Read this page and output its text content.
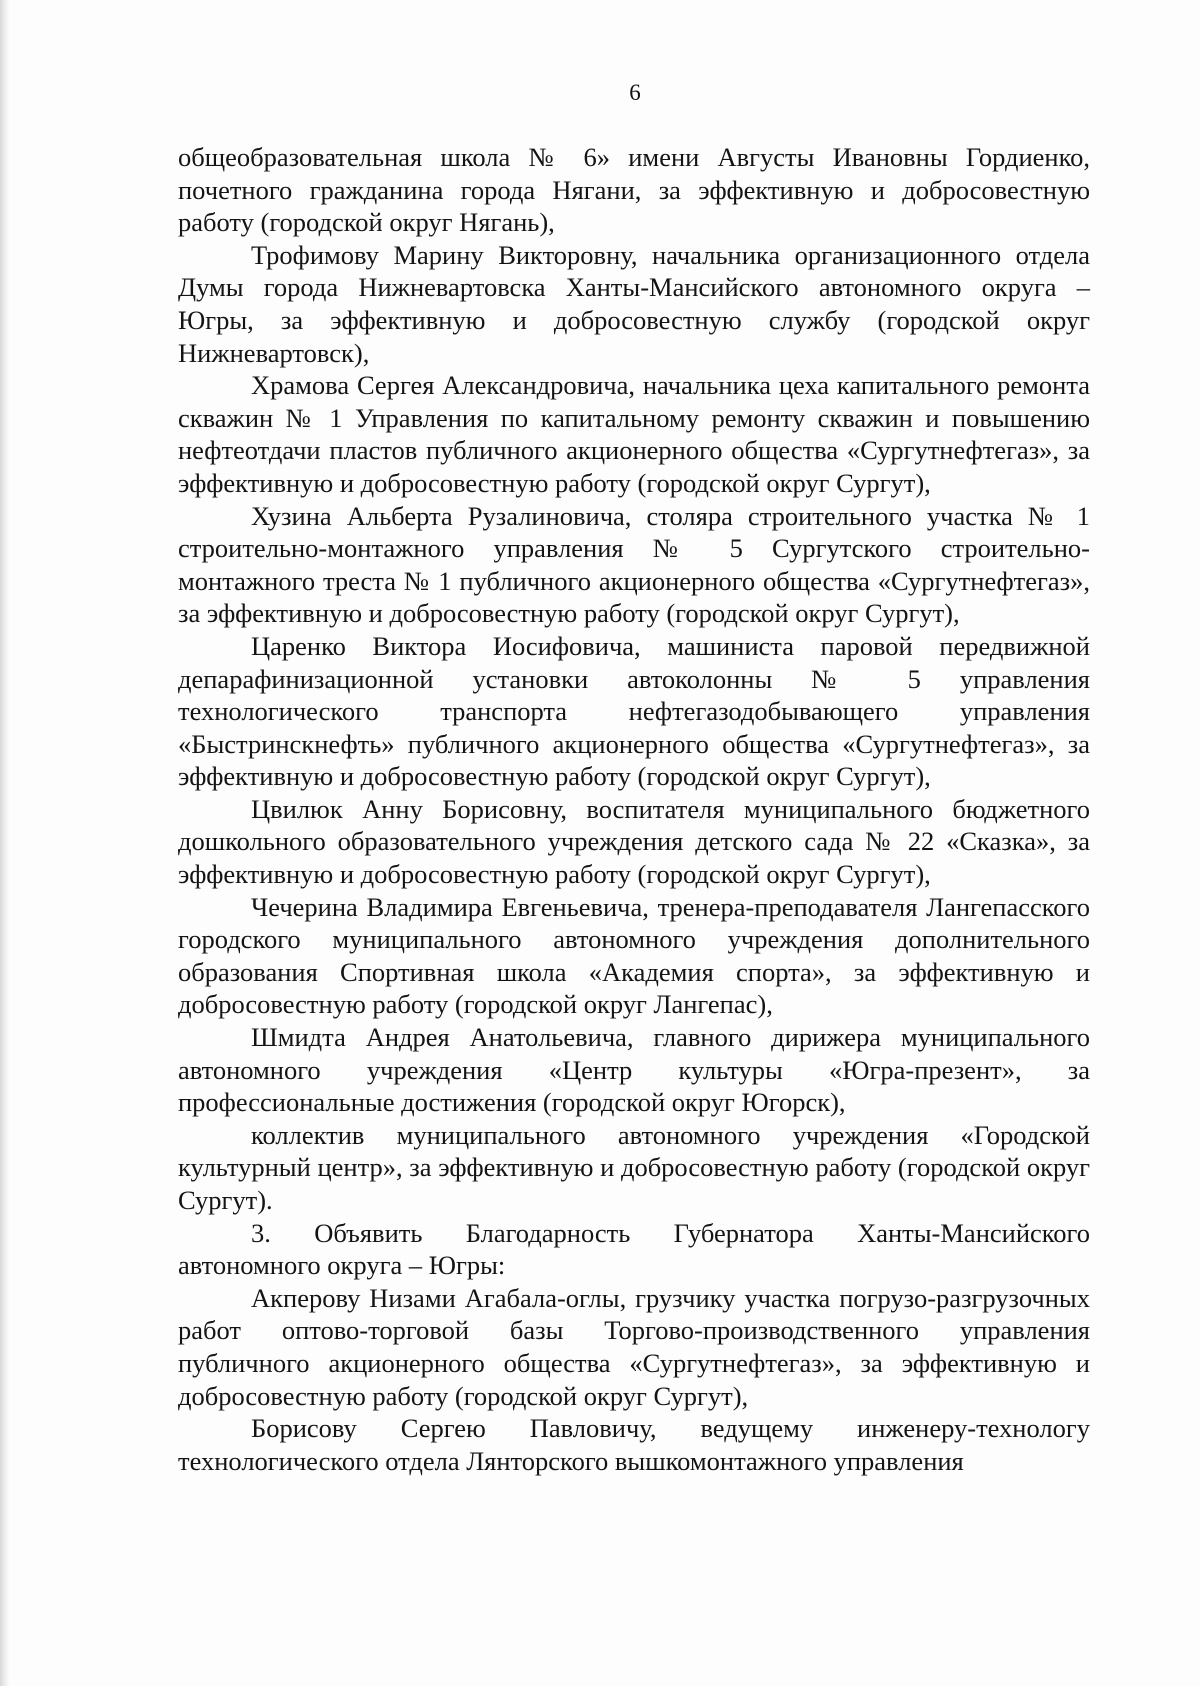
6

общеобразовательная школа № 6» имени Августы Ивановны Гордиенко, почетного гражданина города Нягани, за эффективную и добросовестную работу (городской округ Нягань),

Трофимову Марину Викторовну, начальника организационного отдела Думы города Нижневартовска Ханты-Мансийского автономного округа – Югры, за эффективную и добросовестную службу (городской округ Нижневартовск),

Храмова Сергея Александровича, начальника цеха капитального ремонта скважин № 1 Управления по капитальному ремонту скважин и повышению нефтеотдачи пластов публичного акционерного общества «Сургутнефтегаз», за эффективную и добросовестную работу (городской округ Сургут),

Хузина Альберта Рузалиновича, столяра строительного участка № 1 строительно-монтажного управления № 5 Сургутского строительно-монтажного треста № 1 публичного акционерного общества «Сургутнефтегаз», за эффективную и добросовестную работу (городской округ Сургут),

Царенко Виктора Иосифовича, машиниста паровой передвижной депарафинизационной установки автоколонны № 5 управления технологического транспорта нефтегазодобывающего управления «Быстринскнефть» публичного акционерного общества «Сургутнефтегаз», за эффективную и добросовестную работу (городской округ Сургут),

Цвилюк Анну Борисовну, воспитателя муниципального бюджетного дошкольного образовательного учреждения детского сада № 22 «Сказка», за эффективную и добросовестную работу (городской округ Сургут),

Чечерина Владимира Евгеньевича, тренера-преподавателя Лангепасского городского муниципального автономного учреждения дополнительного образования Спортивная школа «Академия спорта», за эффективную и добросовестную работу (городской округ Лангепас),

Шмидта Андрея Анатольевича, главного дирижера муниципального автономного учреждения «Центр культуры «Югра-презент», за профессиональные достижения (городской округ Югорск),

коллектив муниципального автономного учреждения «Городской культурный центр», за эффективную и добросовестную работу (городской округ Сургут).

3. Объявить Благодарность Губернатора Ханты-Мансийского автономного округа – Югры:

Акперову Низами Агабала-оглы, грузчику участка погрузо-разгрузочных работ оптово-торговой базы Торгово-производственного управления публичного акционерного общества «Сургутнефтегаз», за эффективную и добросовестную работу (городской округ Сургут),

Борисову Сергею Павловичу, ведущему инженеру-технологу технологического отдела Лянторского вышкомонтажного управления
